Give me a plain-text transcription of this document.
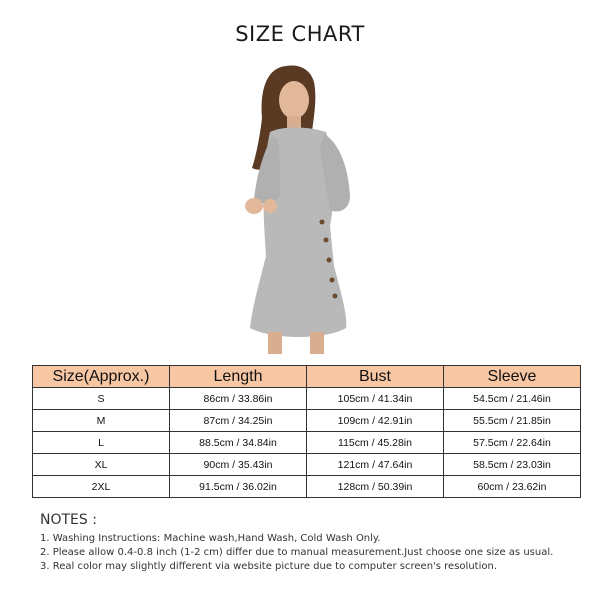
SIZE CHART
Size(Approx.)	Length	Bust	Sleeve
S	86cm / 33.86in	105cm / 41.34in	54.5cm / 21.46in
M	87cm / 34.25in	109cm / 42.91in	55.5cm / 21.85in
L	88.5cm / 34.84in	115cm / 45.28in	57.5cm / 22.64in
XL	90cm / 35.43in	121cm / 47.64in	58.5cm / 23.03in
2XL	91.5cm / 36.02in	128cm / 50.39in	60cm / 23.62in
NOTES :
1. Washing Instructions: Machine wash,Hand Wash, Cold Wash Only.
2. Please allow 0.4-0.8 inch (1-2 cm) differ due to manual measurement.Just choose one size as usual.
3. Real color may slightly different via website picture due to computer screen's resolution.
